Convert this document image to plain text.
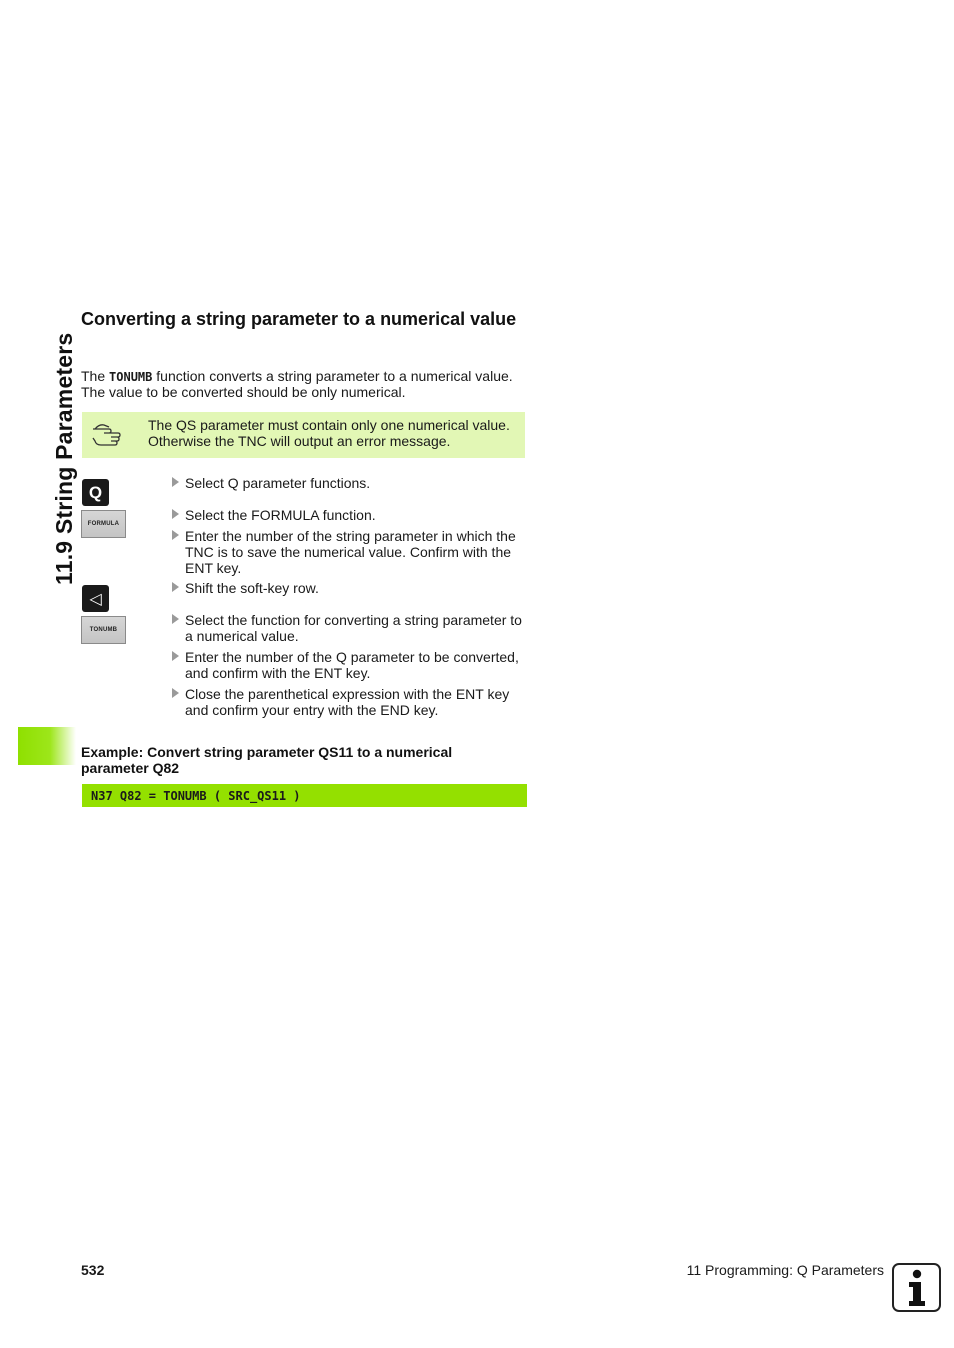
11.9 String Parameters
Converting a string parameter to a numerical value

The TONUMB function converts a string parameter to a numerical value.

The value to be converted should be only numerical.

The QS parameter must contain only one numerical value.
Otherwise the TNC will output an error message.
Q
FORMULA
◁
TONUMB
Select Q parameter functions.
Select the FORMULA function.
Enter the number of the string parameter in which the TNC is to save the numerical value. Confirm with the ENT key.
Shift the soft-key row.
Select the function for converting a string parameter to a numerical value.
Enter the number of the Q parameter to be converted, and confirm with the ENT key.
Close the parenthetical expression with the ENT key and confirm your entry with the END key.
Example: Convert string parameter QS11 to a numerical parameter Q82
N37 Q82 = TONUMB ( SRC_QS11 )
532	11 Programming: Q Parameters
